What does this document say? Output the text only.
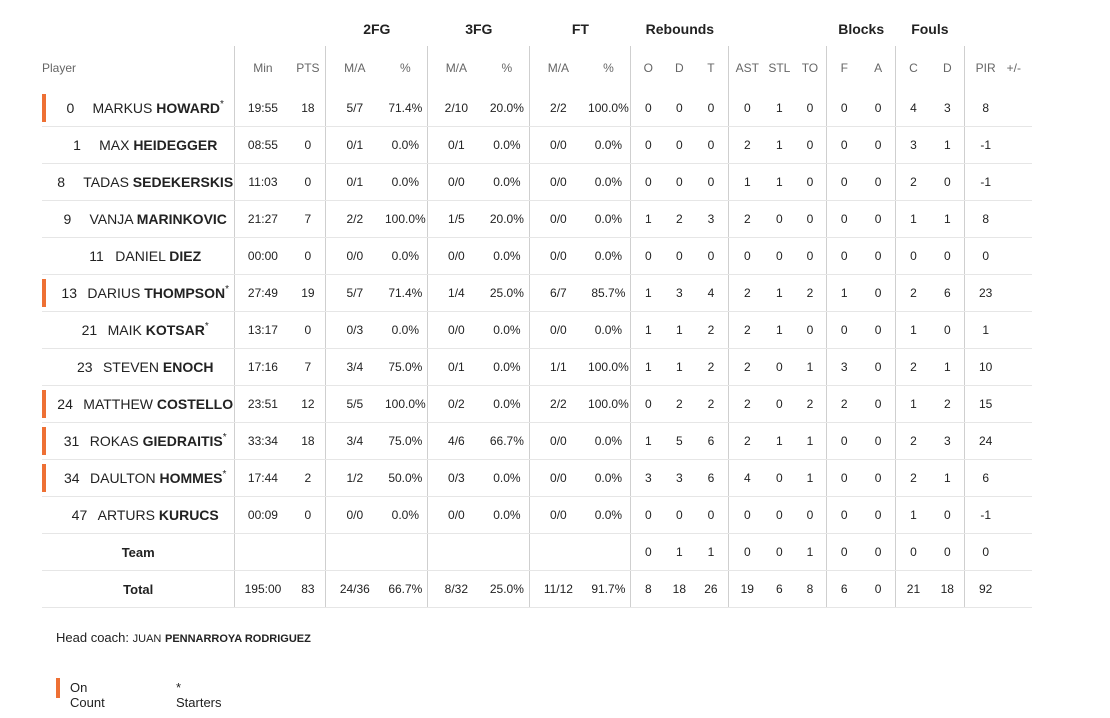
			2FG		3FG		FT		Rebounds						Blocks		Fouls			
Player	Min	PTS	M/A	%	M/A	%	M/A	%	O	D	T	AST	STL	TO	F	A	C	D	PIR	+/-

0 MARKUS HOWARD*	19:55	18	5/7	71.4%	2/10	20.0%	2/2	100.0%	0	0	0	0	1	0	0	0	4	3	8	
1 MAX HEIDEGGER	08:55	0	0/1	0.0%	0/1	0.0%	0/0	0.0%	0	0	0	2	1	0	0	0	3	1	-1	
8 TADAS SEDEKERSKIS	11:03	0	0/1	0.0%	0/0	0.0%	0/0	0.0%	0	0	0	1	1	0	0	0	2	0	-1	
9 VANJA MARINKOVIC	21:27	7	2/2	100.0%	1/5	20.0%	0/0	0.0%	1	2	3	2	0	0	0	0	1	1	8	
11 DANIEL DIEZ	00:00	0	0/0	0.0%	0/0	0.0%	0/0	0.0%	0	0	0	0	0	0	0	0	0	0	0	

13 DARIUS THOMPSON*	27:49	19	5/7	71.4%	1/4	25.0%	6/7	85.7%	1	3	4	2	1	2	1	0	2	6	23	
21 MAIK KOTSAR*	13:17	0	0/3	0.0%	0/0	0.0%	0/0	0.0%	1	1	2	2	1	0	0	0	1	0	1	
23 STEVEN ENOCH	17:16	7	3/4	75.0%	0/1	0.0%	1/1	100.0%	1	1	2	2	0	1	3	0	2	1	10	

24 MATTHEW COSTELLO	23:51	12	5/5	100.0%	0/2	0.0%	2/2	100.0%	0	2	2	2	0	2	2	0	1	2	15	

31 ROKAS GIEDRAITIS*	33:34	18	3/4	75.0%	4/6	66.7%	0/0	0.0%	1	5	6	2	1	1	0	0	2	3	24	

34 DAULTON HOMMES*	17:44	2	1/2	50.0%	0/3	0.0%	0/0	0.0%	3	3	6	4	0	1	0	0	2	1	6	
47 ARTURS KURUCS	00:09	0	0/0	0.0%	0/0	0.0%	0/0	0.0%	0	0	0	0	0	0	0	0	1	0	-1	
Team									0	1	1	0	0	1	0	0	0	0	0	
Total	195:00	83	24/36	66.7%	8/32	25.0%	11/12	91.7%	8	18	26	19	6	8	6	0	21	18	92	
Head coach: JUAN PENNARROYA RODRIGUEZ
On Count
* Starters
